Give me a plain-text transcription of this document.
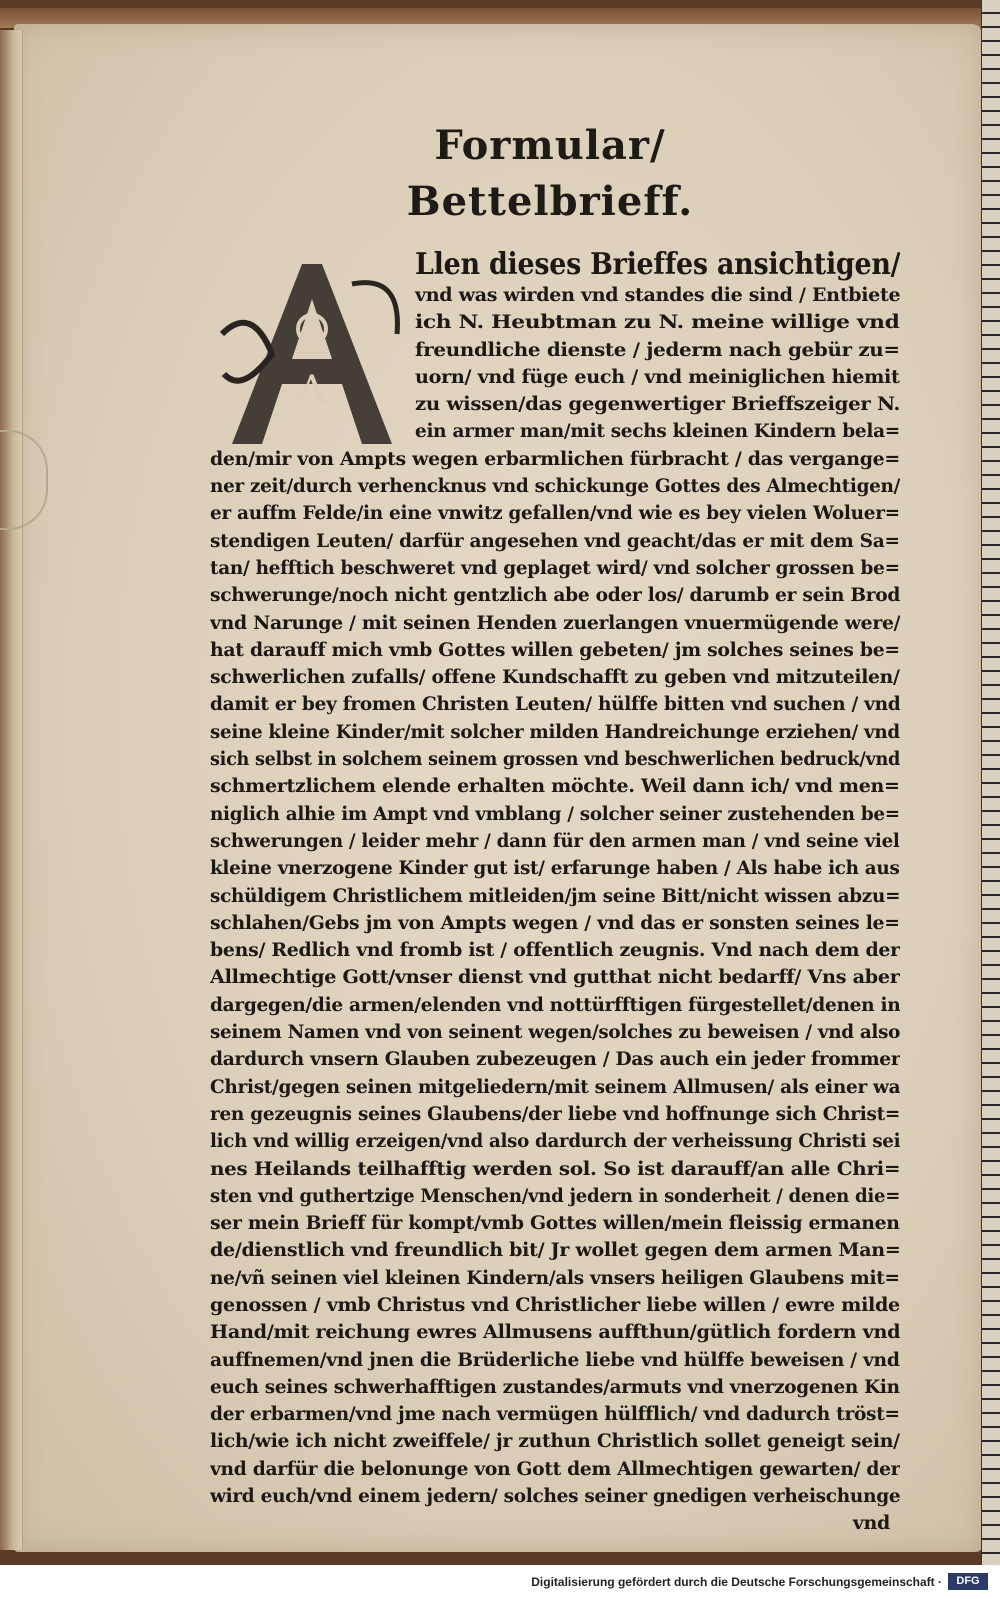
Formular/
Bettelbrieff.
A
Llen dieses Brieffes ansichtigen/
vnd was wirden vnd standes die sind / Entbiete
ich N. Heubtman zu N. meine willige vnd
freundliche dienste / jederm nach gebür zu=
uorn/ vnd füge euch / vnd meiniglichen hiemit
zu wissen/das gegenwertiger Brieffszeiger N.
ein armer man/mit sechs kleinen Kindern bela=
den/mir von Ampts wegen erbarmlichen fürbracht / das vergange=
ner zeit/durch verhencknus vnd schickunge Gottes des Almechtigen/
er auffm Felde/in eine vnwitz gefallen/vnd wie es bey vielen Woluer=
stendigen Leuten/ darfür angesehen vnd geacht/das er mit dem Sa=
tan/ hefftich beschweret vnd geplaget wird/ vnd solcher grossen be=
schwerunge/noch nicht gentzlich abe oder los/ darumb er sein Brod
vnd Narunge / mit seinen Henden zuerlangen vnuermügende were/
hat darauff mich vmb Gottes willen gebeten/ jm solches seines be=
schwerlichen zufalls/ offene Kundschafft zu geben vnd mitzuteilen/
damit er bey fromen Christen Leuten/ hülffe bitten vnd suchen / vnd
seine kleine Kinder/mit solcher milden Handreichunge erziehen/ vnd
sich selbst in solchem seinem grossen vnd beschwerlichen bedruck/vnd
schmertzlichem elende erhalten möchte. Weil dann ich/ vnd men=
niglich alhie im Ampt vnd vmblang / solcher seiner zustehenden be=
schwerungen / leider mehr / dann für den armen man / vnd seine viel
kleine vnerzogene Kinder gut ist/ erfarunge haben / Als habe ich aus
schüldigem Christlichem mitleiden/jm seine Bitt/nicht wissen abzu=
schlahen/Gebs jm von Ampts wegen / vnd das er sonsten seines le=
bens/ Redlich vnd fromb ist / offentlich zeugnis. Vnd nach dem der
Allmechtige Gott/vnser dienst vnd gutthat nicht bedarff/ Vns aber
dargegen/die armen/elenden vnd nottürfftigen fürgestellet/denen in
seinem Namen vnd von seinent wegen/solches zu beweisen / vnd also
dardurch vnsern Glauben zubezeugen / Das auch ein jeder frommer
Christ/gegen seinen mitgeliedern/mit seinem Allmusen/ als einer wa
ren gezeugnis seines Glaubens/der liebe vnd hoffnunge sich Christ=
lich vnd willig erzeigen/vnd also dardurch der verheissung Christi sei
nes Heilands teilhafftig werden sol. So ist darauff/an alle Chri=
sten vnd guthertzige Menschen/vnd jedern in sonderheit / denen die=
ser mein Brieff für kompt/vmb Gottes willen/mein fleissig ermanen
de/dienstlich vnd freundlich bit/ Jr wollet gegen dem armen Man=
ne/vñ seinen viel kleinen Kindern/als vnsers heiligen Glaubens mit=
genossen / vmb Christus vnd Christlicher liebe willen / ewre milde
Hand/mit reichung ewres Allmusens auffthun/gütlich fordern vnd
auffnemen/vnd jnen die Brüderliche liebe vnd hülffe beweisen / vnd
euch seines schwerhafftigen zustandes/armuts vnd vnerzogenen Kin
der erbarmen/vnd jme nach vermügen hülfflich/ vnd dadurch tröst=
lich/wie ich nicht zweiffele/ jr zuthun Christlich sollet geneigt sein/
vnd darfür die belonunge von Gott dem Allmechtigen gewarten/ der
wird euch/vnd einem jedern/ solches seiner gnedigen verheischunge
vnd
Digitalisierung gefördert durch die Deutsche Forschungsgemeinschaft ·	DFG
